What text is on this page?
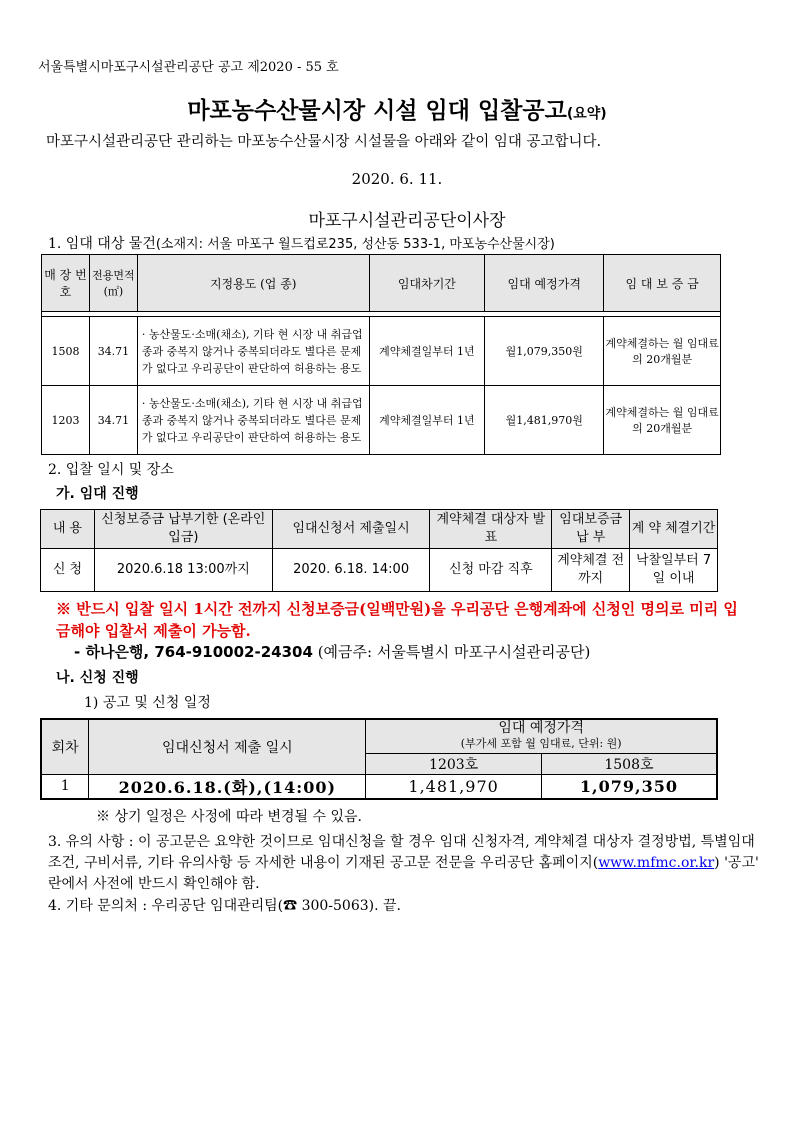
서울특별시마포구시설관리공단 공고 제2020 - 55 호
마포농수산물시장 시설 임대 입찰공고(요약)
마포구시설관리공단 관리하는 마포농수산물시장 시설물을 아래와 같이 임대 공고합니다.
2020. 6. 11.
마포구시설관리공단이사장
1. 임대 대상 물건(소재지: 서울 마포구 월드컵로235, 성산동 533-1, 마포농수산물시장)
매 장 번 호	전용면적 (㎡)	지정용도 (업 종)	임대차기간	임대 예정가격	임 대 보 증 금

1508	34.71	· 농산물도·소매(채소), 기타 현 시장 내 취급업종과 중복지 않거나 중복되더라도 별다른 문제가 없다고 우리공단이 판단하여 허용하는 용도	계약체결일부터 1년	월1,079,350원	계약체결하는 월 임대료의 20개월분
1203	34.71	· 농산물도·소매(채소), 기타 현 시장 내 취급업종과 중복지 않거나 중복되더라도 별다른 문제가 없다고 우리공단이 판단하여 허용하는 용도	계약체결일부터 1년	월1,481,970원	계약체결하는 월 임대료의 20개월분
2. 입찰 일시 및 장소
가. 임대 진행
내 용	신청보증금 납부기한 (온라인 입금)	임대신청서 제출일시	계약체결 대상자 발표	임대보증금 납 부	계 약 체결기간
신 청	2020.6.18 13:00까지	2020. 6.18. 14:00	신청 마감 직후	계약체결 전까지	낙찰일부터 7일 이내
※ 반드시 입찰 일시 1시간 전까지 신청보증금(일백만원)을 우리공단 은행계좌에 신청인 명의로 미리 입금해야 입찰서 제출이 가능함.
- 하나은행, 764-910002-24304 (예금주: 서울특별시 마포구시설관리공단)
나. 신청 진행
1) 공고 및 신청 일정
회차	임대신청서 제출 일시	임대 예정가격
(부가세 포함 월 임대료, 단위: 원)	
		1203호	1508호
1	2020.6.18.(화),(14:00)	1,481,970	1,079,350
※ 상기 일정은 사정에 따라 변경될 수 있음.
3. 유의 사항 : 이 공고문은 요약한 것이므로 임대신청을 할 경우 임대 신청자격, 계약체결 대상자 결정방법, 특별임대조건, 구비서류, 기타 유의사항 등 자세한 내용이 기재된 공고문 전문을 우리공단 홈페이지(www.mfmc.or.kr) '공고' 란에서 사전에 반드시 확인해야 함.
4. 기타 문의처 : 우리공단 임대관리팀(☎ 300-5063). 끝.
